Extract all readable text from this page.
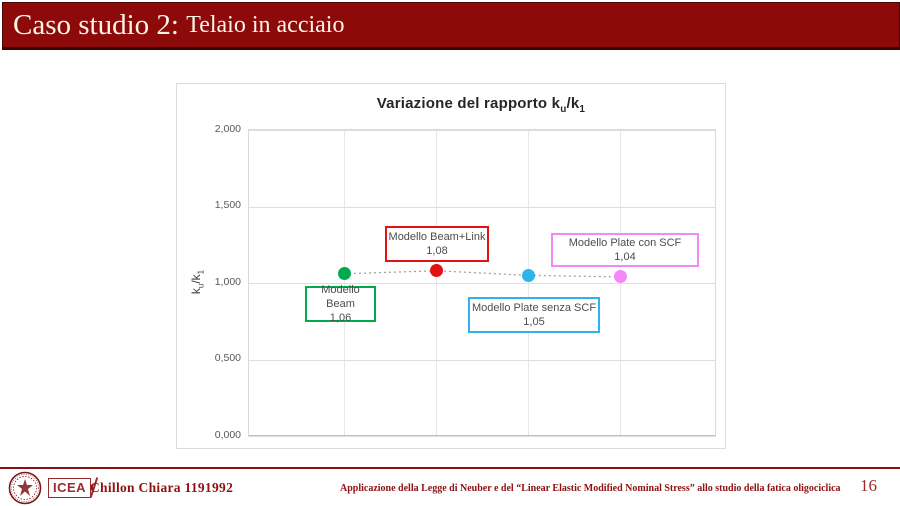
Caso studio 2: Telaio in acciaio
Variazione del rapporto $k_u/k_1$
$k_u/k_1$
2,000
1,500
1,000
0,500
0,000
Modello Beam
1,06
Modello Beam+Link
1,08
Modello Plate senza SCF
1,05
Modello Plate con SCF
1,04
ICEA Chillon Chiara 1191992	Applicazione della Legge di Neuber e del “Linear Elastic Modified Nominal Stress” allo studio della fatica oligociclica	16
